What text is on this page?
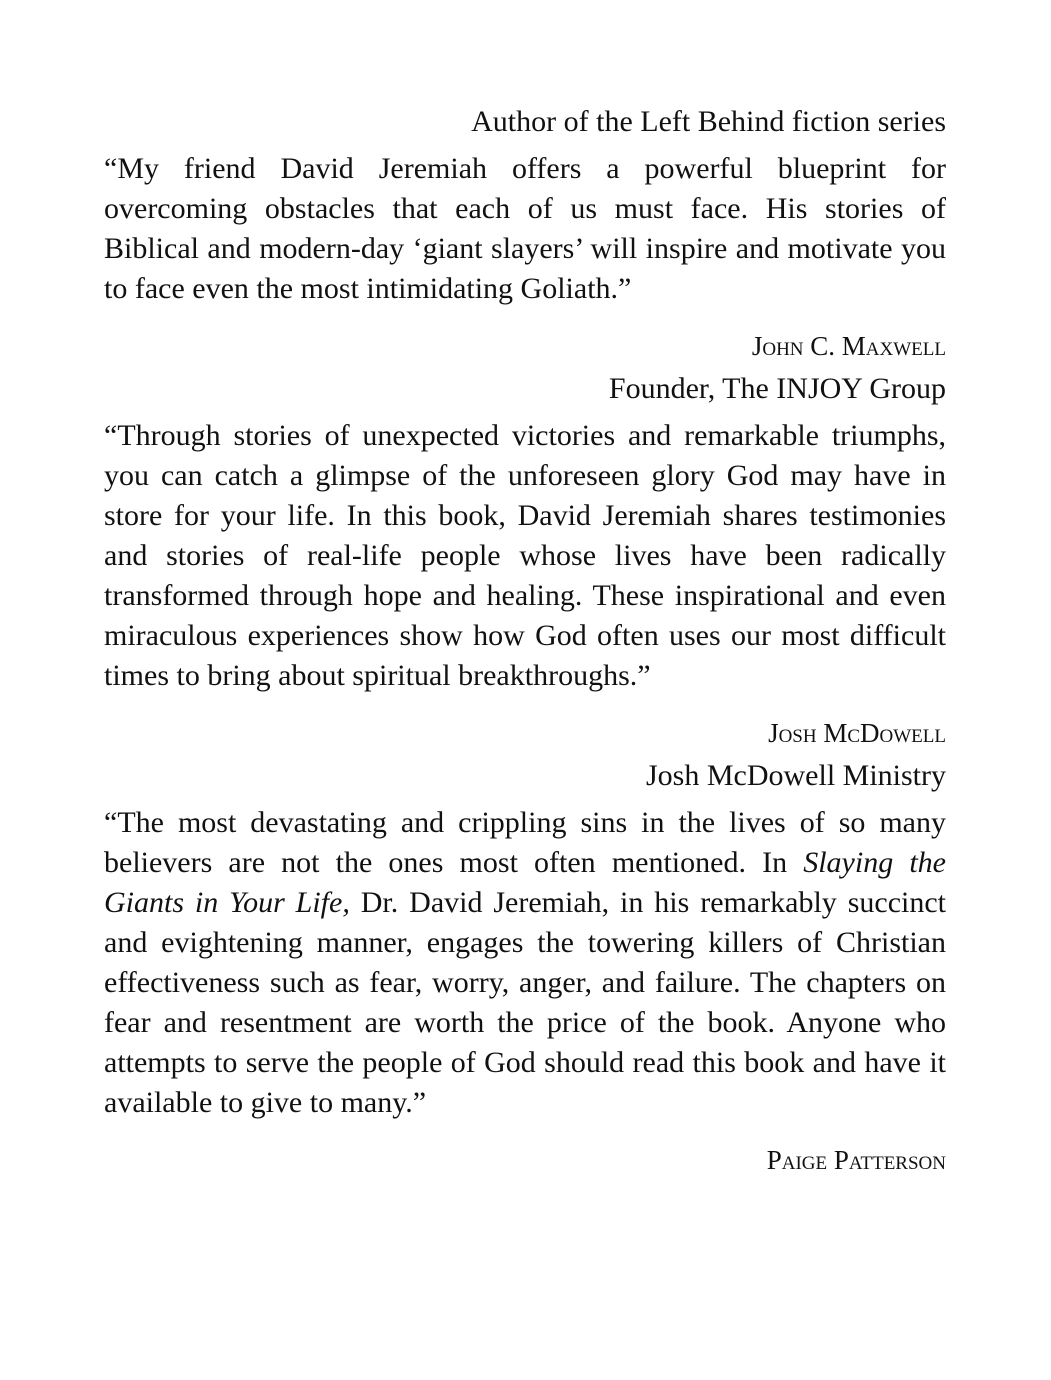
Author of the Left Behind fiction series

“My friend David Jeremiah offers a powerful blueprint for overcoming obstacles that each of us must face. His stories of Biblical and modern-day ‘giant slayers’ will inspire and motivate you to face even the most intimidating Goliath.”

John C. Maxwell

Founder, The INJOY Group

“Through stories of unexpected victories and remarkable triumphs, you can catch a glimpse of the unforeseen glory God may have in store for your life. In this book, David Jeremiah shares testimonies and stories of real-life people whose lives have been radically transformed through hope and healing. These inspirational and even miraculous experiences show how God often uses our most difficult times to bring about spiritual breakthroughs.”

Josh McDowell

Josh McDowell Ministry

“The most devastating and crippling sins in the lives of so many believers are not the ones most often mentioned. In Slaying the Giants in Your Life, Dr. David Jeremiah, in his remarkably succinct and evightening manner, engages the towering killers of Christian effectiveness such as fear, worry, anger, and failure. The chapters on fear and resentment are worth the price of the book. Anyone who attempts to serve the people of God should read this book and have it available to give to many.”

Paige Patterson
